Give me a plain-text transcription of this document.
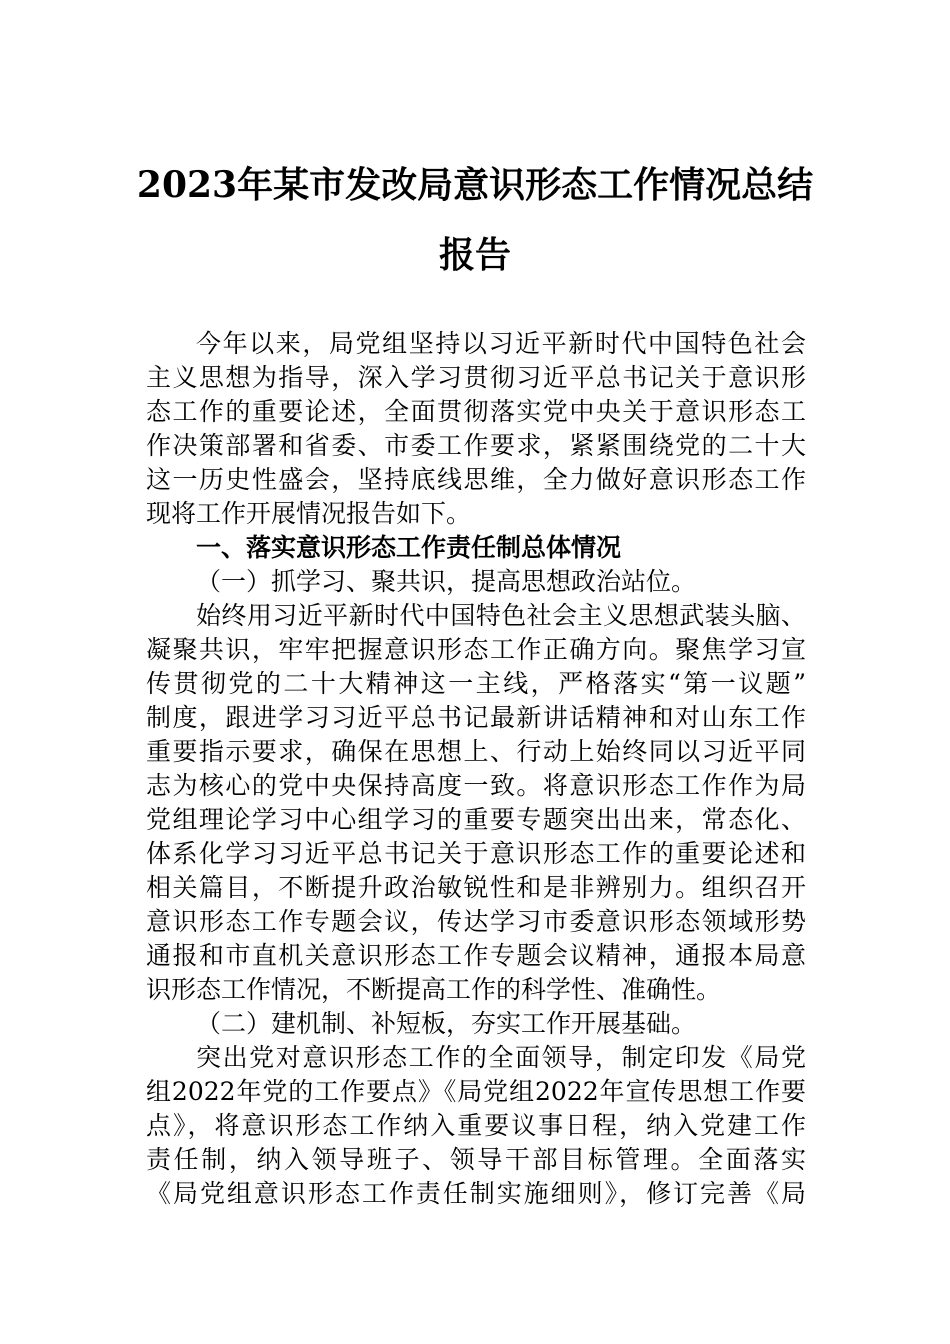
2023年某市发改局意识形态工作情况总结
报告
今年以来，局党组坚持以习近平新时代中国特色社会
主义思想为指导，深入学习贯彻习近平总书记关于意识形
态工作的重要论述，全面贯彻落实党中央关于意识形态工
作决策部署和省委、市委工作要求，紧紧围绕党的二十大
这一历史性盛会，坚持底线思维，全力做好意识形态工作
现将工作开展情况报告如下。
一、落实意识形态工作责任制总体情况
（一）抓学习、聚共识，提高思想政治站位。
始终用习近平新时代中国特色社会主义思想武装头脑、
凝聚共识，牢牢把握意识形态工作正确方向。聚焦学习宣
传贯彻党的二十大精神这一主线，严格落实“第一议题”
制度，跟进学习习近平总书记最新讲话精神和对山东工作
重要指示要求，确保在思想上、行动上始终同以习近平同
志为核心的党中央保持高度一致。将意识形态工作作为局
党组理论学习中心组学习的重要专题突出出来，常态化、
体系化学习习近平总书记关于意识形态工作的重要论述和
相关篇目，不断提升政治敏锐性和是非辨别力。组织召开
意识形态工作专题会议，传达学习市委意识形态领域形势
通报和市直机关意识形态工作专题会议精神，通报本局意
识形态工作情况，不断提高工作的科学性、准确性。
（二）建机制、补短板，夯实工作开展基础。
突出党对意识形态工作的全面领导，制定印发《局党
组2022年党的工作要点》《局党组2022年宣传思想工作要
点》，将意识形态工作纳入重要议事日程，纳入党建工作
责任制，纳入领导班子、领导干部目标管理。全面落实
《局党组意识形态工作责任制实施细则》，修订完善《局
